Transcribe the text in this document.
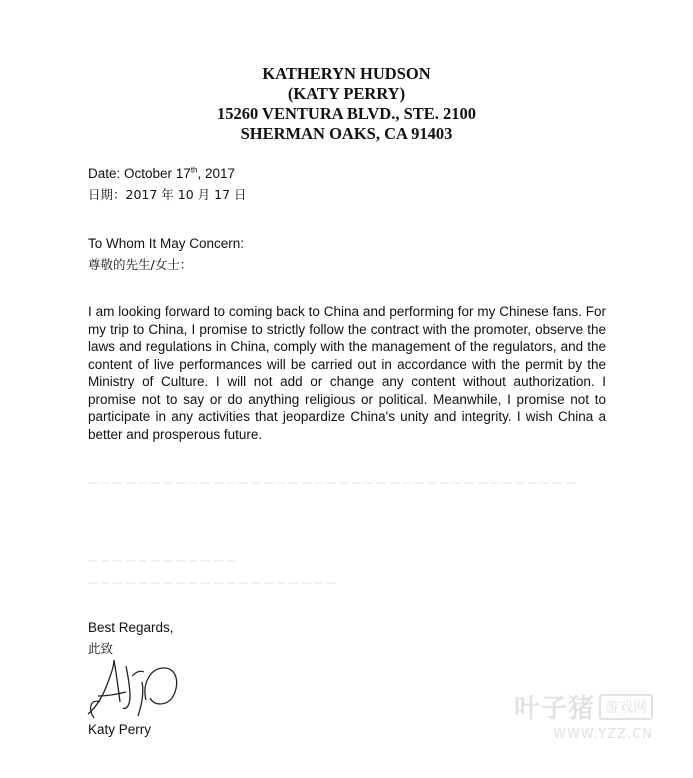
KATHERYN HUDSON
(KATY PERRY)
15260 VENTURA BLVD., STE. 2100
SHERMAN OAKS, CA 91403
Date: October 17th, 2017
日期：2017 年 10 月 17 日
To Whom It May Concern:
尊敬的先生/女士：
I am looking forward to coming back to China and performing for my Chinese fans. For my trip to China, I promise to strictly follow the contract with the promoter, observe the laws and regulations in China, comply with the management of the regulators, and the content of live performances will be carried out in accordance with the permit by the Ministry of Culture. I will not add or change any content without authorization. I promise not to say or do anything religious or political. Meanwhile, I promise not to participate in any activities that jeopardize China's unity and integrity. I wish China a better and prosperous future.
▁ ▁ ▁ ▁ ▁ ▁ ▁ ▁ ▁ ▁ ▁ ▁ ▁ ▁ ▁ ▁ ▁ ▁ ▁ ▁ ▁ ▁ ▁ ▁ ▁ ▁ ▁ ▁ ▁ ▁ ▁ ▁ ▁ ▁ ▁ ▁ ▁ ▁ ▁
▁ ▁ ▁ ▁ ▁ ▁ ▁ ▁ ▁ ▁ ▁ ▁
▁ ▁ ▁ ▁ ▁ ▁ ▁ ▁ ▁ ▁ ▁ ▁ ▁ ▁ ▁ ▁ ▁ ▁ ▁ ▁
Best Regards,
此致
Katy Perry
叶子猪 游戏网
WWW.YZZ.CN
